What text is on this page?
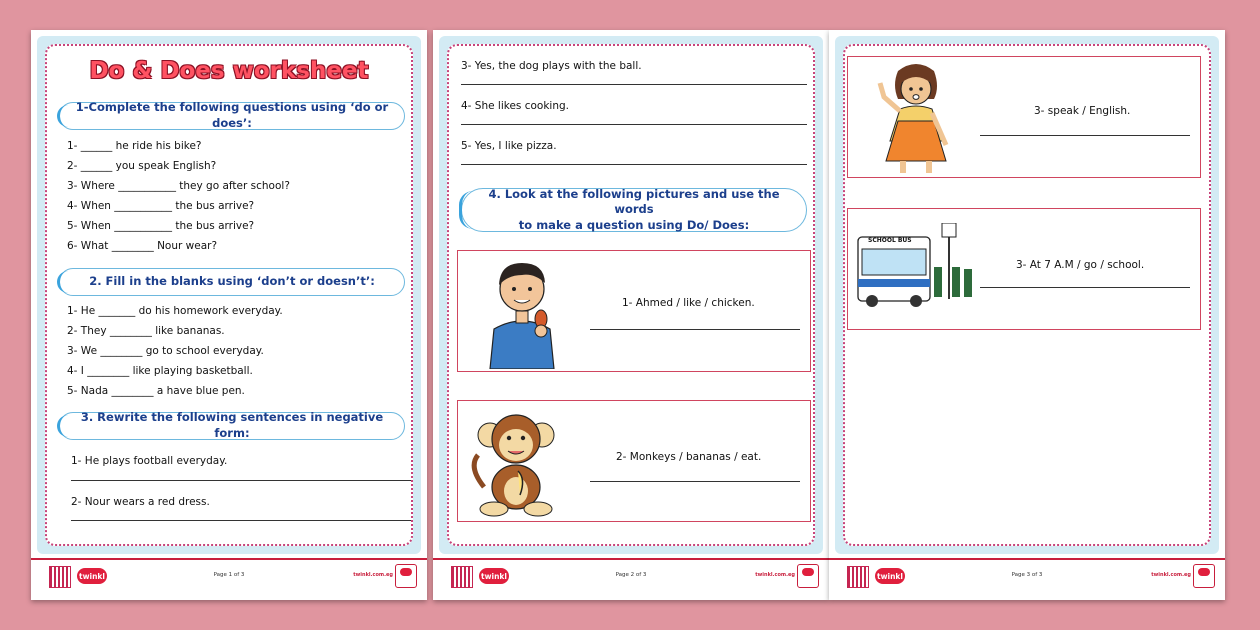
Do & Does worksheet
1-Complete the following questions using ‘do or does’:
1- ______ he ride his bike?
2- ______ you speak English?
3- Where ___________ they go after school?
4- When ___________ the bus arrive?
5- When ___________ the bus arrive?
6- What ________ Nour wear?
2. Fill in the blanks using ‘don’t or doesn’t’:
1- He _______ do his homework everyday.
2- They ________ like bananas.
3- We ________ go to school everyday.
4- I ________ like playing basketball.
5- Nada ________ a have blue pen.
3. Rewrite the following sentences in negative form:
1- He plays football everyday.
2- Nour wears a red dress.
twinkl	Page 1 of 3	twinkl.com.eg
3- Yes, the dog plays with the ball.
4- She likes cooking.
5- Yes, I like pizza.
4. Look at the following pictures and use the words
to make a question using Do/ Does:
1- Ahmed / like / chicken.
2- Monkeys / bananas / eat.
twinkl	Page 2 of 3	twinkl.com.eg
3- speak / English.
SCHOOL BUS
3- At 7 A.M / go / school.
twinkl	Page 3 of 3	twinkl.com.eg
